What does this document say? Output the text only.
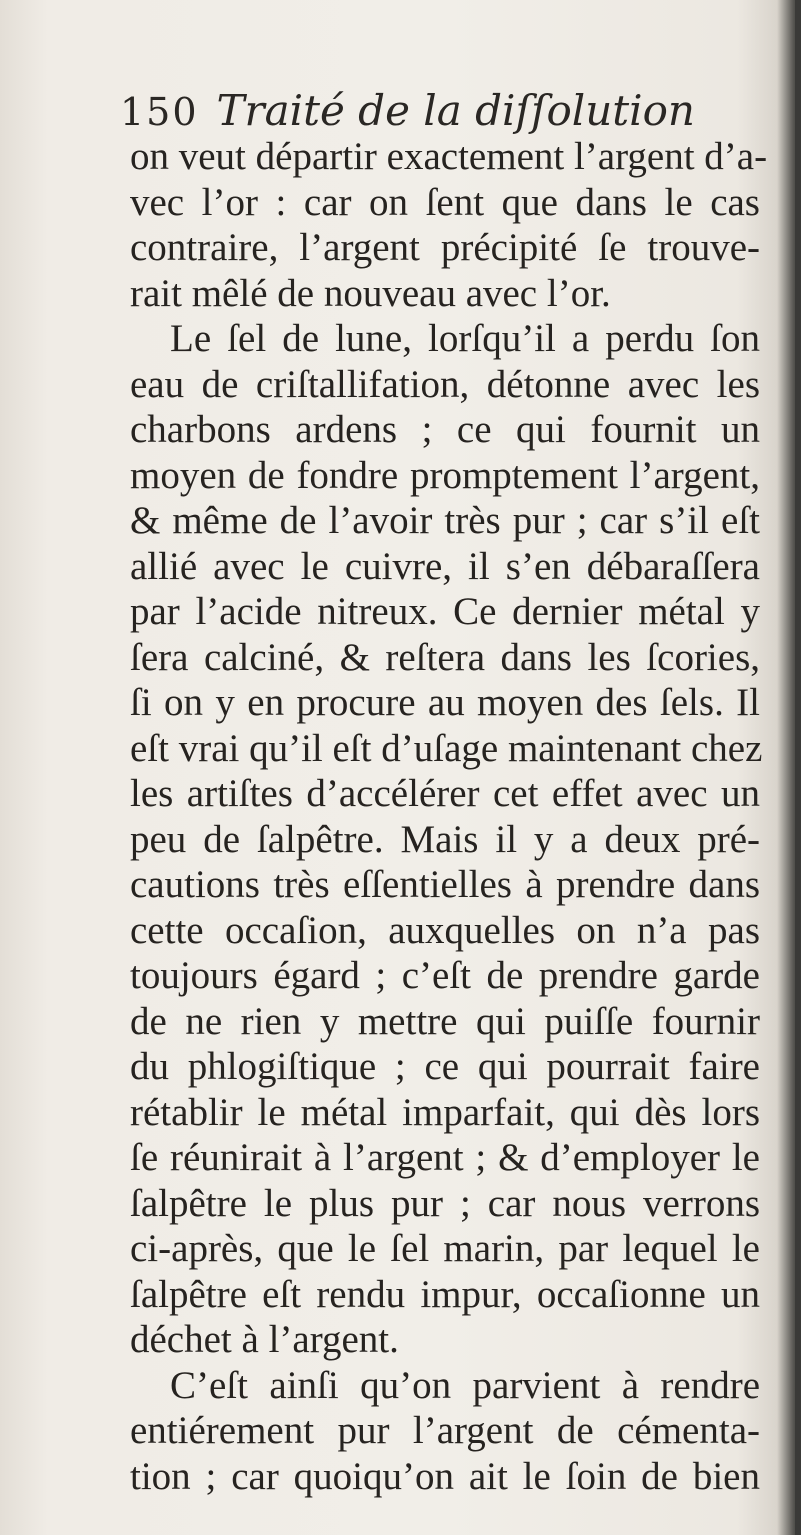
150 Traité de la diſſolution
on veut départir exactement l’argent d’a-
vec l’or : car on ſent que dans le cas
contraire, l’argent précipité ſe trouve-
rait mêlé de nouveau avec l’or.
Le ſel de lune, lorſqu’il a perdu ſon
eau de criſtallifation, détonne avec les
charbons ardens ; ce qui fournit un
moyen de fondre promptement l’argent,
& même de l’avoir très pur ; car s’il eſt
allié avec le cuivre, il s’en débaraſſera
par l’acide nitreux. Ce dernier métal y
ſera calciné, & reſtera dans les ſcories,
ſi on y en procure au moyen des ſels. Il
eſt vrai qu’il eſt d’uſage maintenant chez
les artiſtes d’accélérer cet effet avec un
peu de ſalpêtre. Mais il y a deux pré-
cautions très eſſentielles à prendre dans
cette occaſion, auxquelles on n’a pas
toujours égard ; c’eſt de prendre garde
de ne rien y mettre qui puiſſe fournir
du phlogiſtique ; ce qui pourrait faire
rétablir le métal imparfait, qui dès lors
ſe réunirait à l’argent ; & d’employer le
ſalpêtre le plus pur ; car nous verrons
ci-après, que le ſel marin, par lequel le
ſalpêtre eſt rendu impur, occaſionne un
déchet à l’argent.
C’eſt ainſi qu’on parvient à rendre
entiérement pur l’argent de cémenta-
tion ; car quoiqu’on ait le ſoin de bien
